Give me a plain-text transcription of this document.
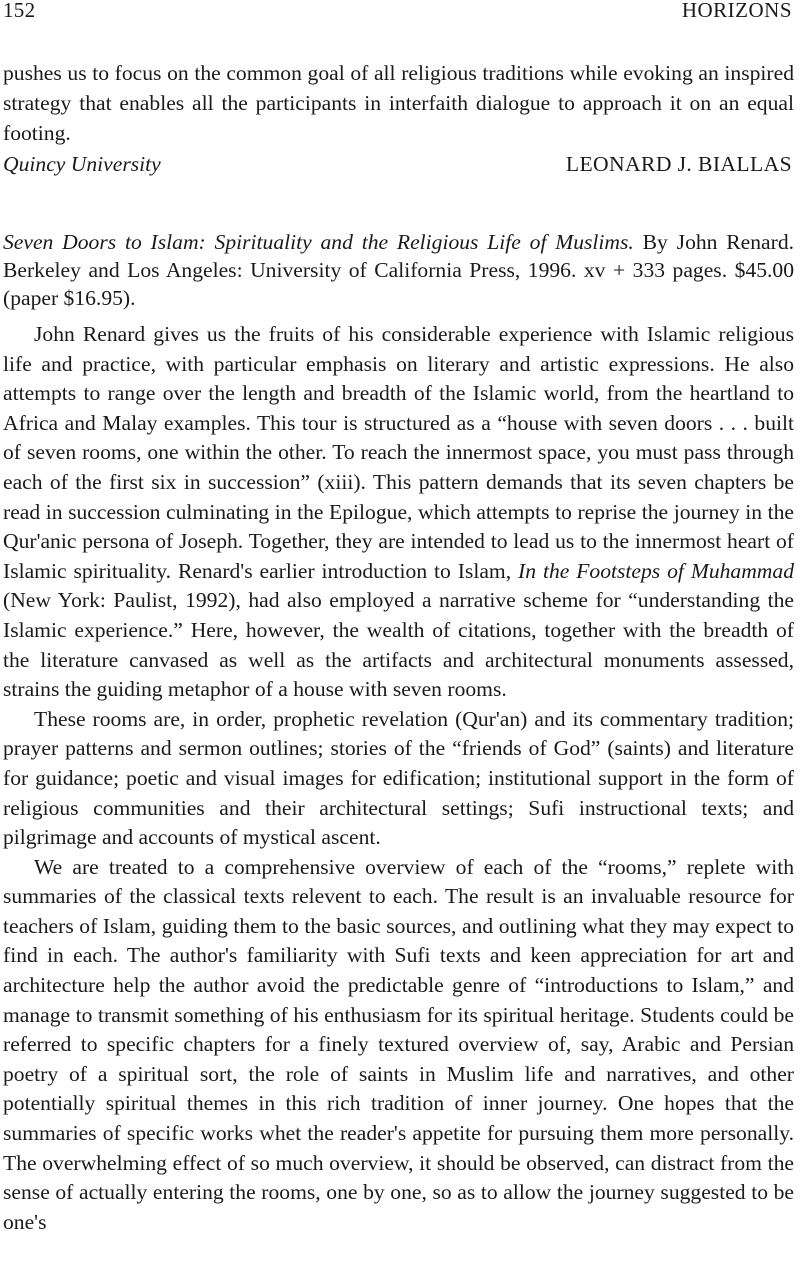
152	HORIZONS

pushes us to focus on the common goal of all religious traditions while evoking an inspired strategy that enables all the participants in interfaith dialogue to approach it on an equal footing.

Quincy University	LEONARD J. BIALLAS

Seven Doors to Islam: Spirituality and the Religious Life of Muslims. By John Renard. Berkeley and Los Angeles: University of California Press, 1996. xv + 333 pages. $45.00 (paper $16.95).

John Renard gives us the fruits of his considerable experience with Islamic religious life and practice, with particular emphasis on literary and artistic expressions. He also attempts to range over the length and breadth of the Islamic world, from the heartland to Africa and Malay examples. This tour is structured as a “house with seven doors . . . built of seven rooms, one within the other. To reach the innermost space, you must pass through each of the first six in succession” (xiii). This pattern demands that its seven chapters be read in succession culminating in the Epilogue, which attempts to reprise the journey in the Qur'anic persona of Joseph. Together, they are intended to lead us to the innermost heart of Islamic spirituality. Renard's earlier introduction to Islam, In the Footsteps of Muhammad (New York: Paulist, 1992), had also employed a narrative scheme for “understanding the Islamic experience.” Here, however, the wealth of citations, together with the breadth of the literature canvased as well as the artifacts and architectural monuments assessed, strains the guiding metaphor of a house with seven rooms.

These rooms are, in order, prophetic revelation (Qur'an) and its commentary tradition; prayer patterns and sermon outlines; stories of the “friends of God” (saints) and literature for guidance; poetic and visual images for edification; institutional support in the form of religious communities and their architectural settings; Sufi instructional texts; and pilgrimage and accounts of mystical ascent.

We are treated to a comprehensive overview of each of the “rooms,” replete with summaries of the classical texts relevent to each. The result is an invaluable resource for teachers of Islam, guiding them to the basic sources, and outlining what they may expect to find in each. The author's familiarity with Sufi texts and keen appreciation for art and architecture help the author avoid the predictable genre of “introductions to Islam,” and manage to transmit something of his enthusiasm for its spiritual heritage. Students could be referred to specific chapters for a finely textured overview of, say, Arabic and Persian poetry of a spiritual sort, the role of saints in Muslim life and narratives, and other potentially spiritual themes in this rich tradition of inner journey. One hopes that the summaries of specific works whet the reader's appetite for pursuing them more personally. The overwhelming effect of so much overview, it should be observed, can distract from the sense of actually entering the rooms, one by one, so as to allow the journey suggested to be one's
